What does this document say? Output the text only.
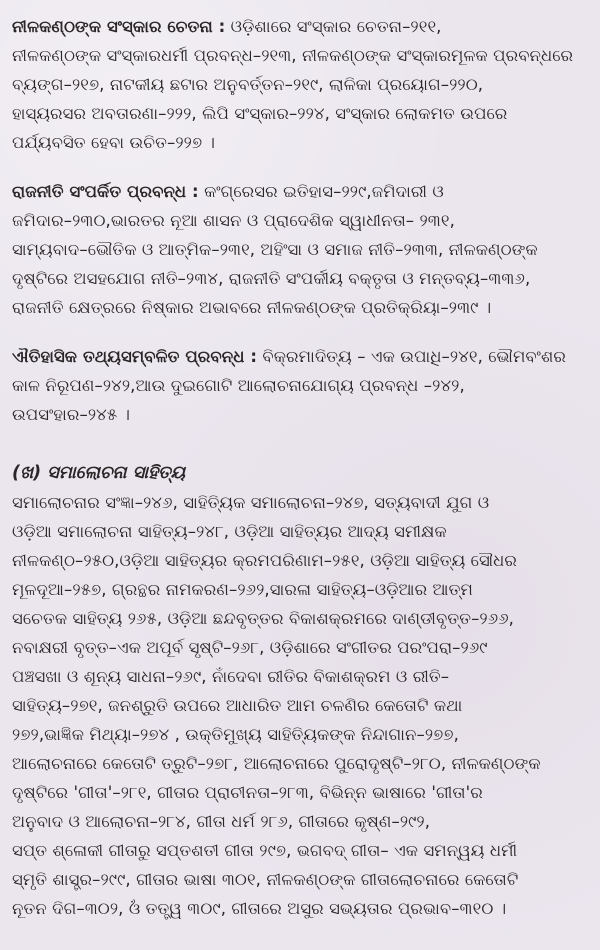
ନୀଳକଣ୍ଠଙ୍କ ସଂସ୍କାର ଚେତନା : ଓଡ଼ିଶାରେ ସଂସ୍କାର ଚେତନା–୨୧୧,
ନୀଳକଣ୍ଠଙ୍କ ସଂସ୍କାରଧର୍ମୀ ପ୍ରବନ୍ଧ–୨୧୩, ନୀଳକଣ୍ଠଙ୍କ ସଂସ୍କାରମୂଳକ ପ୍ରବନ୍ଧରେ
ବ୍ୟଙ୍ଗ–୨୧୭, ନାଟକୀୟ ଛଟାର ଅନୁବର୍ତ୍ତନ–୨୧୯, ଲାଳିକା ପ୍ରୟୋଗ–୨୨୦,
ହାସ୍ୟରସର ଅବତାରଣା–୨୨୨, ଲିପି ସଂସ୍କାର–୨୨୪, ସଂସ୍କାର ଲୋକମତ ଉପରେ
ପର୍ଯ୍ୟବସିତ ହେବା ଉଚିତ–୨୨୭ ।
ରାଜନୀତି ସଂପର୍କିତ ପ୍ରବନ୍ଧ : କଂଗ୍ରେସର ଇତିହାସ–୨୨୯,ଜମିଦାରୀ ଓ
ଜମିଦାର–୨୩୦,ଭାରତର ନୂଆ ଶାସନ ଓ ପ୍ରାଦେଶିକ ସ୍ୱାଧୀନତା– ୨୩୧,
ସାମ୍ୟବାଦ–ଭୌତିକ ଓ ଆତ୍ମିକ–୨୩୧, ଅହିଂସା ଓ ସମାଜ ନୀତି–୨୩୩, ନୀଳକଣ୍ଠଙ୍କ
ଦୃଷ୍ଟିରେ ଅସହଯୋଗ ନୀତି–୨୩୪, ରାଜନୀତି ସଂପର୍କୀୟ ବକ୍ତୃତା ଓ ମନ୍ତବ୍ୟ–୩୩୬,
ରାଜନୀତି କ୍ଷେତ୍ରରେ ନିଷ୍କାର ଅଭାବରେ ନୀଳକଣ୍ଠଙ୍କ ପ୍ରତିକ୍ରିୟା–୨୩୯ ।
ଐତିହାସିକ ତଥ୍ୟସମ୍ବଳିତ ପ୍ରବନ୍ଧ : ବିକ୍ରମାଦିତ୍ୟ – ଏକ ଉପାଧି–୨୪୧, ଭୌମବଂଶର
କାଳ ନିରୂପଣ–୨୪୨,ଆଉ ଦୁଇଗୋଟି ଆଲୋଚନାଯୋଗ୍ୟ ପ୍ରବନ୍ଧ –୨୪୨,
ଉପସଂହାର–୨୪୫ ।
(ଖ) ସମାଲୋଚନା ସାହିତ୍ୟ
ସମାଲୋଚନାର ସଂଜ୍ଞା–୨୪୬, ସାହିତ୍ୟିକ ସମାଲୋଚନା–୨୪୭, ସତ୍ୟବାଦୀ ଯୁଗ ଓ
ଓଡ଼ିଆ ସମାଲୋଚନା ସାହିତ୍ୟ–୨୪୮, ଓଡ଼ିଆ ସାହିତ୍ୟର ଆଦ୍ୟ ସମୀକ୍ଷକ
ନୀଳକଣ୍ଠ–୨୫୦,ଓଡ଼ିଆ ସାହିତ୍ୟର କ୍ରମପରିଣାମ–୨୫୧, ଓଡ଼ିଆ ସାହିତ୍ୟ ସୌଧର
ମୂଳଦୂଆ–୨୫୭, ଗ୍ରନ୍ଥର ନାମକରଣ–୨୬୨,ସାରଳା ସାହିତ୍ୟ–ଓଡ଼ିଆର ଆତ୍ମ
ସଚେତକ ସାହିତ୍ୟ ୨୬୫, ଓଡ଼ିଆ ଛନ୍ଦବୃତ୍ତର ବିକାଶକ୍ରମରେ ଦାଣ୍ଡୀବୃତ୍ତ–୨୬୬,
ନବାକ୍ଷରୀ ବୃତ୍ତ–ଏକ ଅପୂର୍ବ ସୃଷ୍ଟି–୨୬୮, ଓଡ଼ିଶାରେ ସଂଗୀତର ପରଂପରା–୨୬୯
ପଞ୍ଚସଖା ଓ ଶୂନ୍ୟ ସାଧନା–୨୬୯, ନାଁଦେବା ରୀତିର ବିକାଶକ୍ରମ ଓ ରୀତି–
ସାହିତ୍ୟ–୨୭୧, ଜନଶ୍ରୁତି ଉପରେ ଆଧାରିତ ଆମ ଚଳଣିର କେତୋଟି କଥା
୨୭୨,ଭାଜ୍ଞିକ ମିଥ୍ୟା–୨୭୪ , ଉକ୍ତିମୁଖ୍ୟ ସାହିତ୍ୟିକଙ୍କ ନିନ୍ଦାଗାନ–୨୭୭,
ଆଲୋଚନାରେ କେତୋଟି ତ୍ରୁଟି–୨୭୮, ଆଲୋଚନାରେ ପୁରୋଦୃଷ୍ଟି–୨୮୦, ନୀଳକଣ୍ଠଙ୍କ
ଦୃଷ୍ଟିରେ 'ଗୀତା'–୨୮୧, ଗୀତାର ପ୍ରାଚୀନତା–୨୮୩, ବିଭିନ୍ନ ଭାଷାରେ 'ଗୀତା'ର
ଅନୁବାଦ ଓ ଆଲୋଚନା–୨୮୪, ଗୀତା ଧର୍ମ ୨୮୬, ଗୀତାରେ କୃଷ୍ଣ–୨୯୨,
ସପ୍ତ ଶ୍ଳୋକୀ ଗୀତାରୁ ସପ୍ତଶତୀ ଗୀତା ୨୯୭, ଭଗବଦ୍ ଗୀତା– ଏକ ସମନ୍ୱୟ ଧର୍ମୀ
ସ୍ମୃତି ଶାସ୍ତ୍ର–୨୯୯, ଗୀତାର ଭାଷା ୩୦୧, ନୀଳକଣ୍ଠଙ୍କ ଗୀତାଲୋଚନାରେ କେତୋଟି
ନୂତନ ଦିଗ–୩୦୨, ଓଁ ତତ୍ତ୍ୱ ୩୦୯, ଗୀତାରେ ଅସୁର ସଭ୍ୟତାର ପ୍ରଭାବ–୩୧୦ ।
